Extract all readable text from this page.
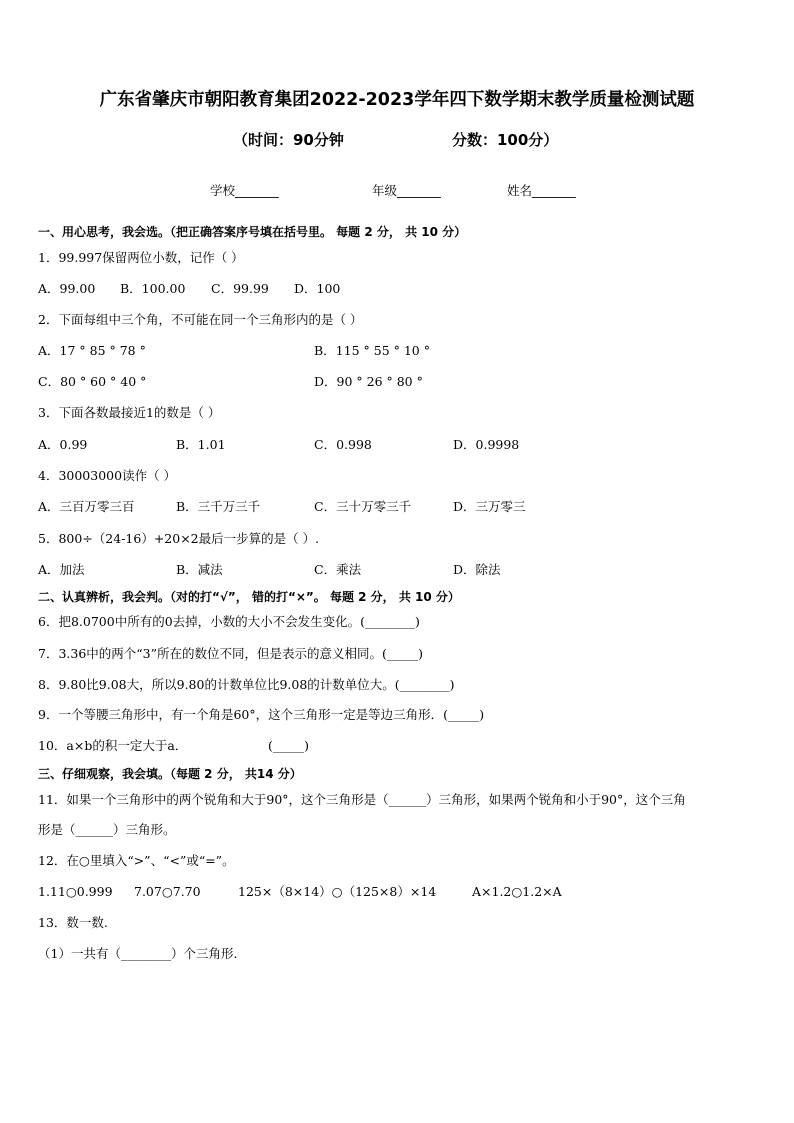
广东省肇庆市朝阳教育集团2022-2023学年四下数学期末教学质量检测试题
（时间：90分钟	分数：100分）
学校_______	年级_______	姓名_______
一、用心思考，我会选。（把正确答案序号填在括号里。 每题 2 分， 共 10 分）
1．99.997保留两位小数，记作（ ）
A．99.00 B．100.00 C．99.99 D．100
2．下面每组中三个角，不可能在同一个三角形内的是（ ）
A．17 ° 85 ° 78 °	B．115 ° 55 ° 10 °
C．80 ° 60 ° 40 °	D．90 ° 26 ° 80 °
3．下面各数最接近1的数是（ ）
A．0.99	B．1.01	C．0.998	D．0.9998
4．30003000读作（ ）
A．三百万零三百	B．三千万三千	C．三十万零三千	D．三万零三
5．800÷（24-16）+20×2最后一步算的是（ ）.
A．加法	B．减法	C．乘法	D．除法
二、认真辨析，我会判。（对的打“√”， 错的打“×”。 每题 2 分， 共 10 分）
6．把8.0700中所有的0去掉，小数的大小不会发生变化。(________)
7．3.36中的两个“3”所在的数位不同，但是表示的意义相同。(_____)
8．9.80比9.08大，所以9.80的计数单位比9.08的计数单位大。(________)
9．一个等腰三角形中，有一个角是60°，这个三角形一定是等边三角形．(_____)
10．a×b的积一定大于a．	(_____)
三、仔细观察，我会填。（每题 2 分， 共14 分）
11．如果一个三角形中的两个锐角和大于90°，这个三角形是（______）三角形，如果两个锐角和小于90°，这个三角
形是（______）三角形。
12．在○里填入“>”、“<”或“=”。
1.11○0.999 7.07○7.70	125×（8×14）○（125×8）×14	A×1.2○1.2×A
13．数一数.
（1）一共有（________）个三角形.
